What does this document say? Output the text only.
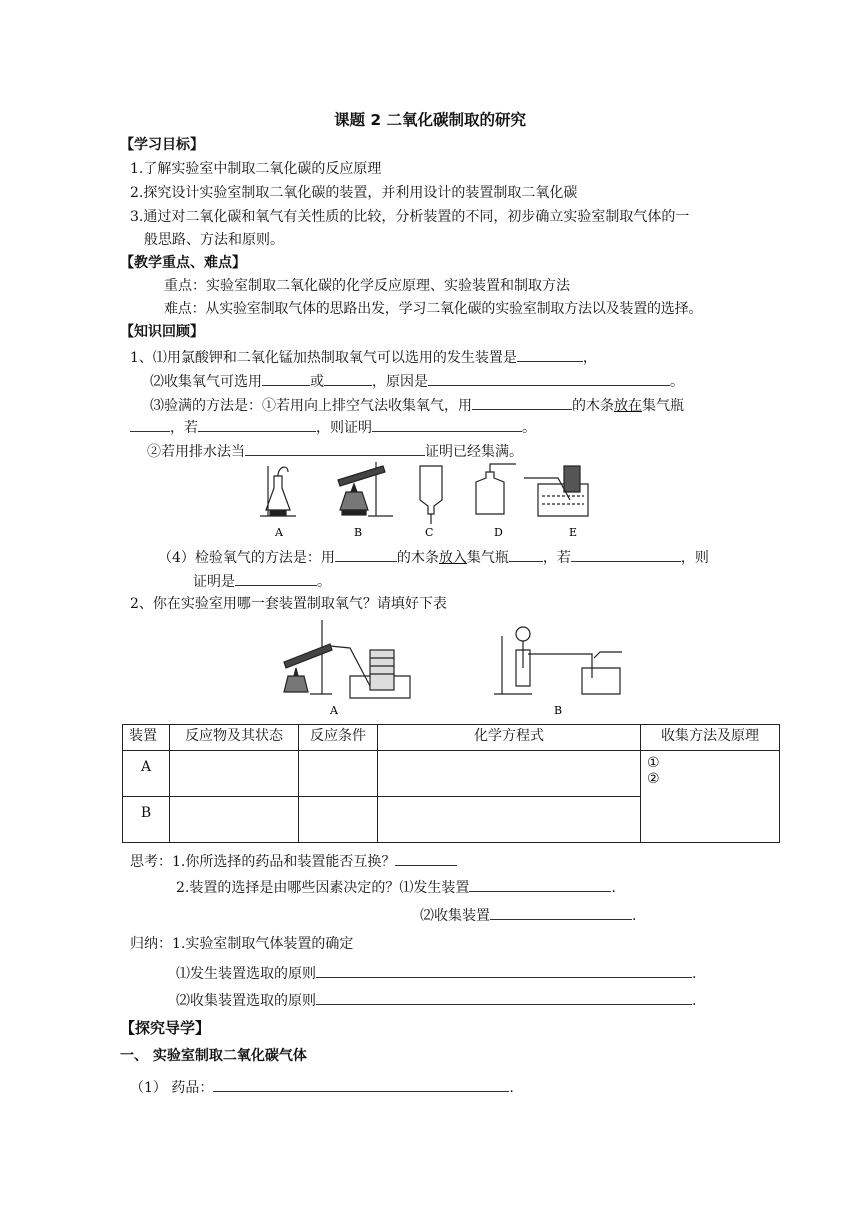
课题 2 二氧化碳制取的研究
【学习目标】
1.了解实验室中制取二氧化碳的反应原理
2.探究设计实验室制取二氧化碳的装置，并利用设计的装置制取二氧化碳
3.通过对二氧化碳和氧气有关性质的比较，分析装置的不同，初步确立实验室制取气体的一
般思路、方法和原则。
【教学重点、难点】
重点：实验室制取二氧化碳的化学反应原理、实验装置和制取方法
难点：从实验室制取气体的思路出发，学习二氧化碳的实验室制取方法以及装置的选择。
【知识回顾】
1、⑴用氯酸钾和二氧化锰加热制取氧气可以选用的发生装置是	，
⑵收集氧气可选用	或	，原因是	。
⑶验满的方法是：①若用向上排空气法收集氧气，用	的木条放在集气瓶
，若	，则证明	。
②若用排水法当	证明已经集满。
A	B	C	D	E
（4）检验氧气的方法是：用	的木条放入集气瓶 ，若	，则
证明是	。
2、你在实验室用哪一套装置制取氧气？请填好下表
A	B
装置	反应物及其状态	反应条件	化学方程式	收集方法及原理
A				①
②

B				
思考：1.你所选择的药品和装置能否互换？
2.装置的选择是由哪些因素决定的？⑴发生装置	.
⑵收集装置	.
归纳：1.实验室制取气体装置的确定
⑴发生装置选取的原则	.
⑵收集装置选取的原则	.
【探究导学】
一、 实验室制取二氧化碳气体
（1） 药品：	.
